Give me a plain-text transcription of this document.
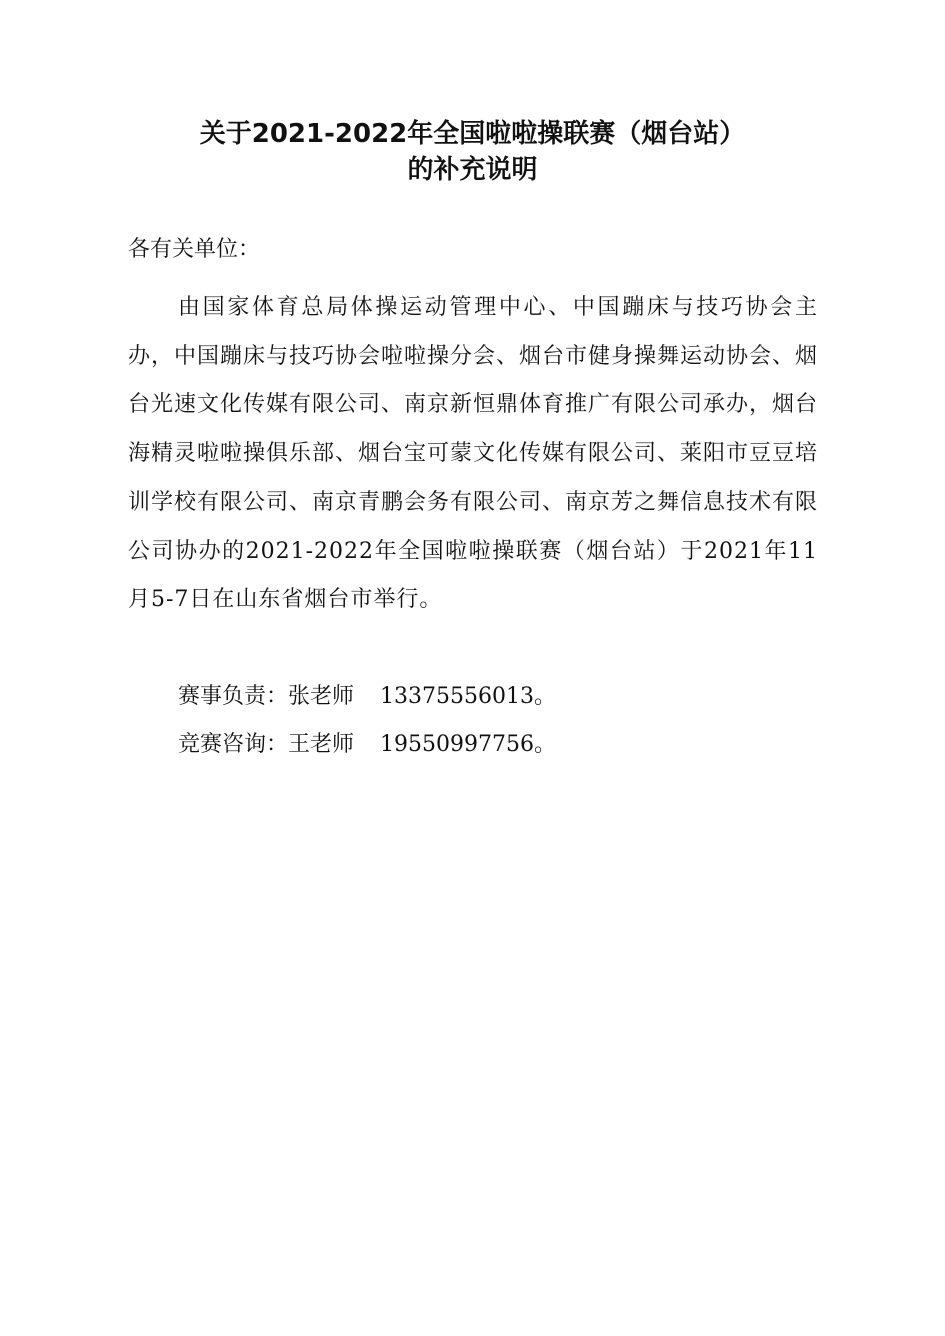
关于2021-2022年全国啦啦操联赛（烟台站）
的补充说明
各有关单位：
由国家体育总局体操运动管理中心、中国蹦床与技巧协会主办，中国蹦床与技巧协会啦啦操分会、烟台市健身操舞运动协会、烟台光速文化传媒有限公司、南京新恒鼎体育推广有限公司承办，烟台海精灵啦啦操俱乐部、烟台宝可蒙文化传媒有限公司、莱阳市豆豆培训学校有限公司、南京青鹏会务有限公司、南京芳之舞信息技术有限公司协办的2021-2022年全国啦啦操联赛（烟台站）于2021年11月5-7日在山东省烟台市举行。
赛事负责：张老师 13375556013。
竞赛咨询：王老师 19550997756。
